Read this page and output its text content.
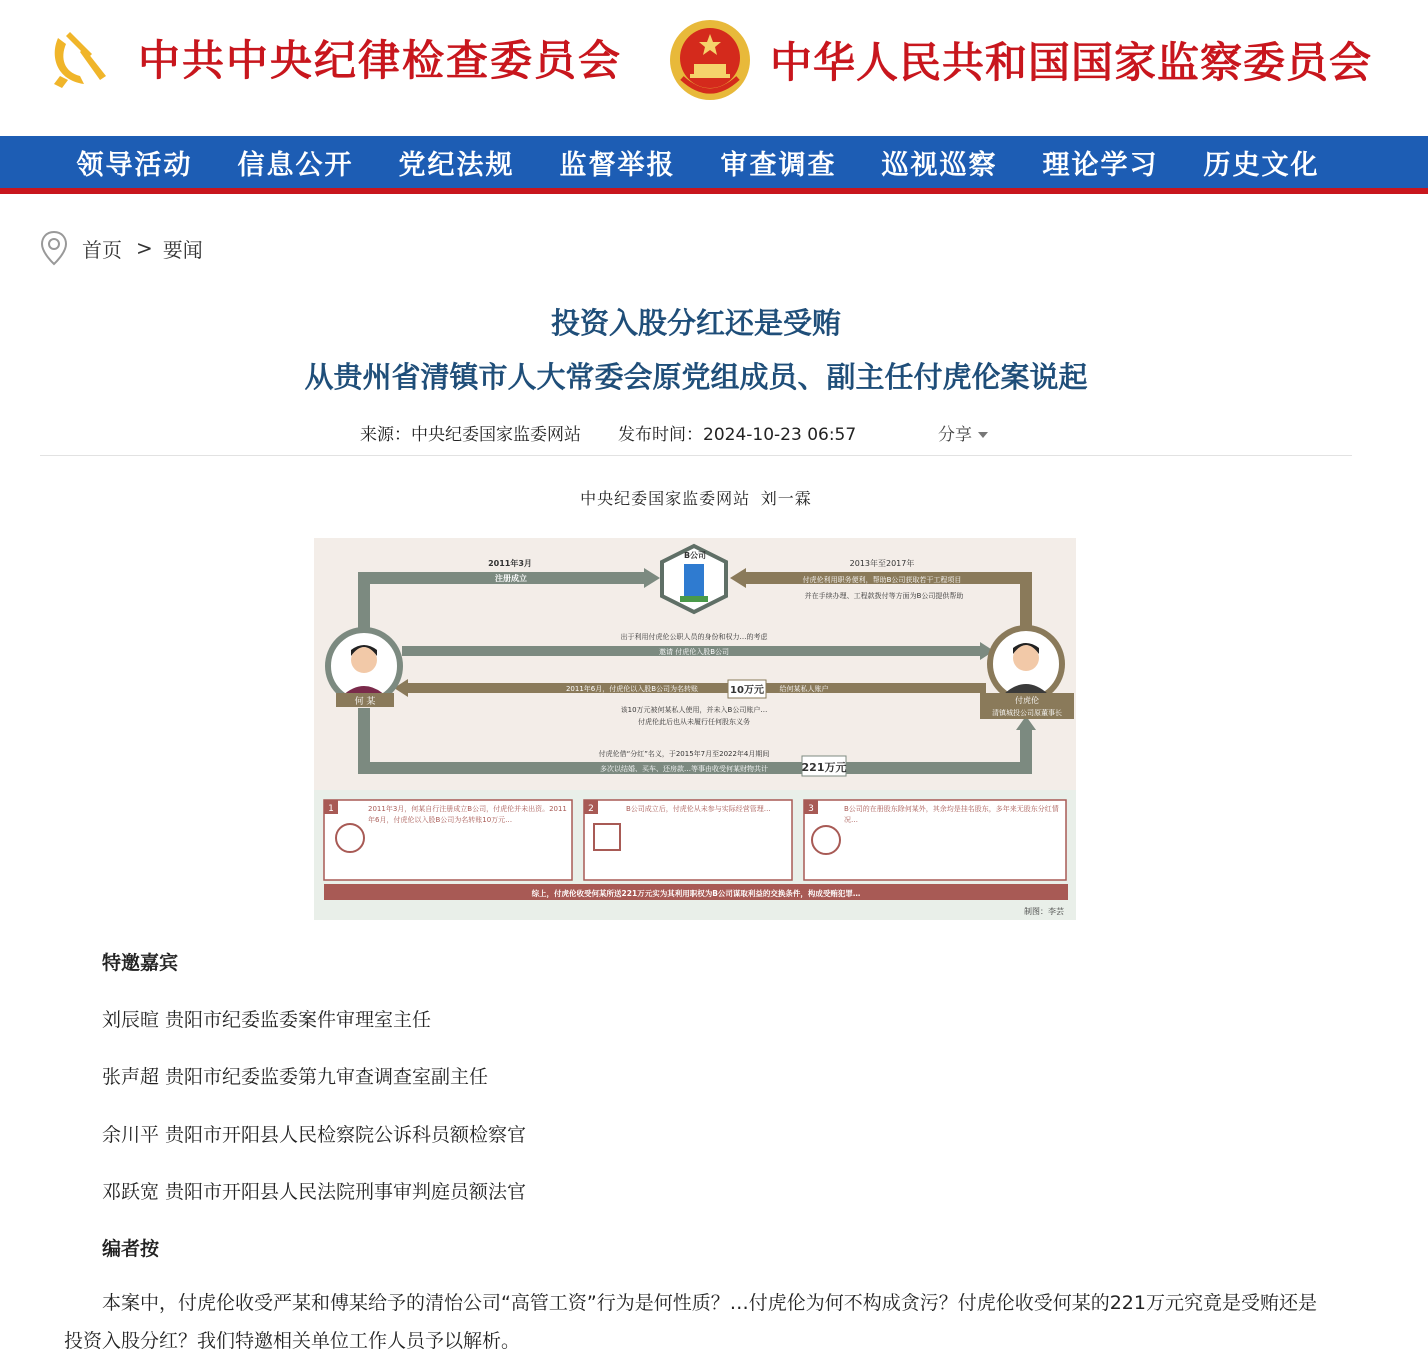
中共中央纪律检查委员会	中华人民共和国国家监察委员会
领导活动	信息公开	党纪法规	监督举报	审查调查	巡视巡察	理论学习	历史文化
首页 > 要闻
投资入股分红还是受贿
从贵州省清镇市人大常委会原党组成员、副主任付虎伦案说起
来源：中央纪委国家监委网站	发布时间：2024-10-23 06:57	分享
中央纪委国家监委网站 刘一霖
B公司
何 某	付虎伦
清镇城投公司原董事长
2011年3月
注册成立
2013年至2017年
付虎伦利用职务便利，帮助B公司获取若干工程项目
并在手续办理、工程款拨付等方面为B公司提供帮助
出于利用付虎伦公职人员的身份和权力…的考虑
邀请 付虎伦入股B公司
2011年6月，付虎伦以入股B公司为名转账	10万元 给何某私人账户
该10万元被何某私人使用，并未入B公司账户…
付虎伦此后也从未履行任何股东义务
付虎伦借“分红”名义，于2015年7月至2022年4月期间
多次以结婚、买车、还房款…等事由收受何某财物共计	221万元
1	2011年3月，何某自行注册成立B公司，付虎伦并未出资。2011年6月，付虎伦以入股B公司为名转账10万元…
2	B公司成立后，付虎伦从未参与实际经营管理…	3	B公司的在册股东除何某外，其余均是挂名股东，多年来无股东分红情况…
综上，付虎伦收受何某所送221万元实为其利用职权为B公司谋取利益的交换条件，构成受贿犯罪…
制图：李芸
特邀嘉宾
刘辰暄 贵阳市纪委监委案件审理室主任
张声超 贵阳市纪委监委第九审查调查室副主任
余川平 贵阳市开阳县人民检察院公诉科员额检察官
邓跃宽 贵阳市开阳县人民法院刑事审判庭员额法官
编者按
本案中，付虎伦收受严某和傅某给予的清怡公司“高管工资”行为是何性质？…付虎伦为何不构成贪污？付虎伦收受何某的221万元究竟是受贿还是投资入股分红？我们特邀相关单位工作人员予以解析。
